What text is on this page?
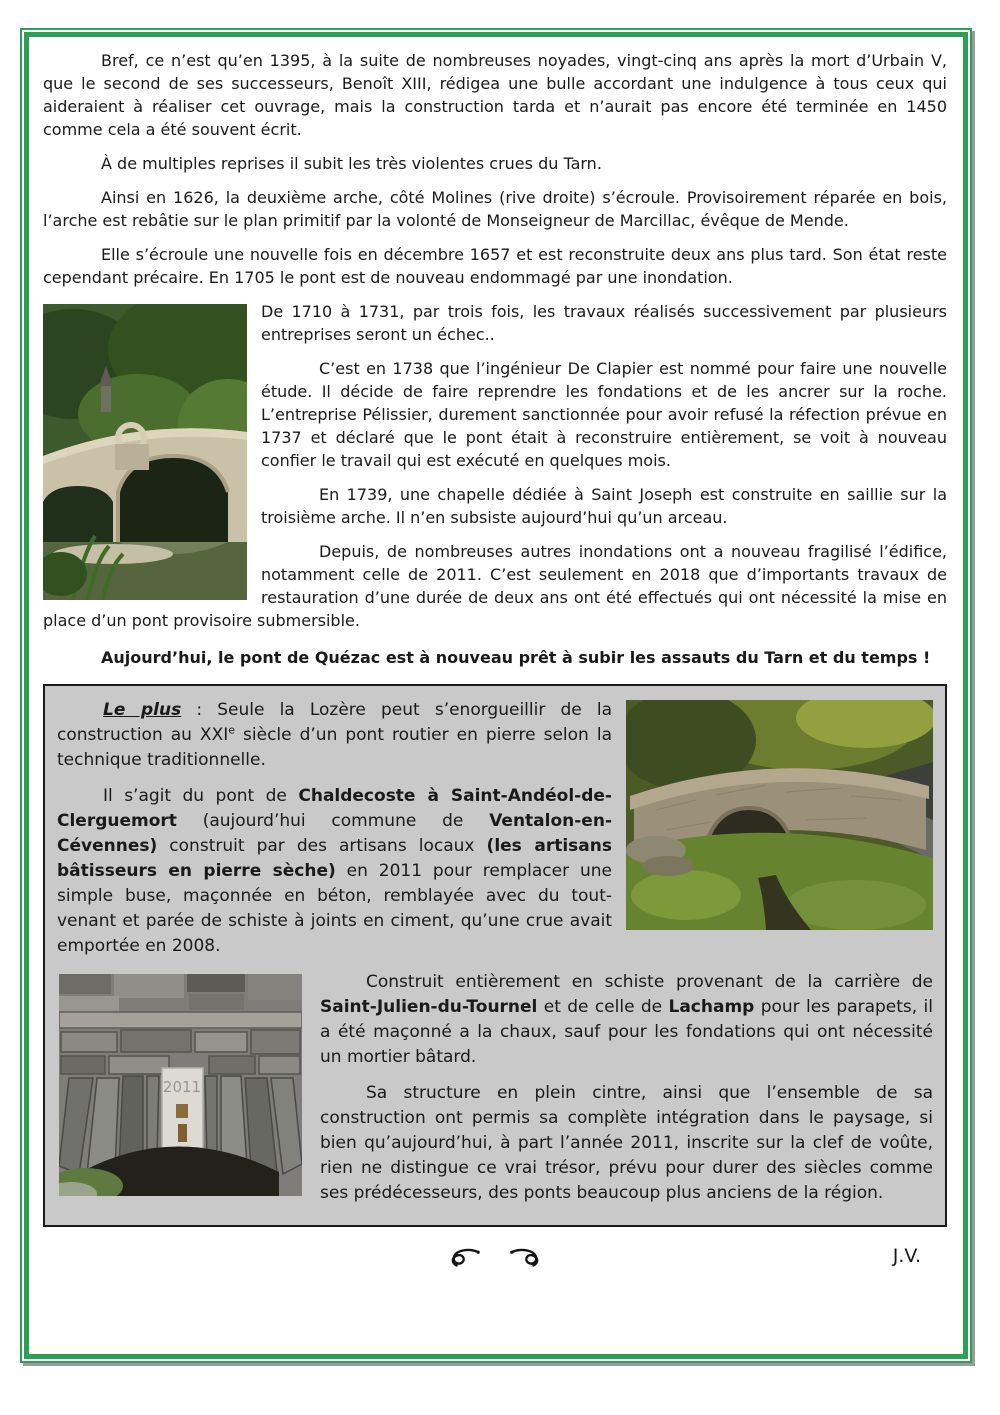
Bref, ce n’est qu’en 1395, à la suite de nombreuses noyades, vingt-cinq ans après la mort d’Urbain V, que le second de ses successeurs, Benoît XIII, rédigea une bulle accordant une indulgence à tous ceux qui aideraient à réaliser cet ouvrage, mais la construction tarda et n’aurait pas encore été terminée en 1450 comme cela a été souvent écrit.

À de multiples reprises il subit les très violentes crues du Tarn.

Ainsi en 1626, la deuxième arche, côté Molines (rive droite) s’écroule. Provisoirement réparée en bois, l’arche est rebâtie sur le plan primitif par la volonté de Monseigneur de Marcillac, évêque de Mende.

Elle s’écroule une nouvelle fois en décembre 1657 et est reconstruite deux ans plus tard. Son état reste cependant précaire. En 1705 le pont est de nouveau endommagé par une inondation.

De 1710 à 1731, par trois fois, les travaux réalisés successivement par plusieurs entreprises seront un échec..

C’est en 1738 que l’ingénieur De Clapier est nommé pour faire une nouvelle étude. Il décide de faire reprendre les fondations et de les ancrer sur la roche. L’entreprise Pélissier, durement sanctionnée pour avoir refusé la réfection prévue en 1737 et déclaré que le pont était à reconstruire entièrement, se voit à nouveau confier le travail qui est exécuté en quelques mois.

En 1739, une chapelle dédiée à Saint Joseph est construite en saillie sur la troisième arche. Il n’en subsiste aujourd’hui qu’un arceau.

Depuis, de nombreuses autres inondations ont a nouveau fragilisé l’édifice, notamment celle de 2011. C’est seulement en 2018 que d’importants travaux de restauration d’une durée de deux ans ont été effectués qui ont nécessité la mise en place d’un pont provisoire submersible.

Aujourd’hui, le pont de Quézac est à nouveau prêt à subir les assauts du Tarn et du temps !

Le plus : Seule la Lozère peut s’enorgueillir de la construction au XXIe siècle d’un pont routier en pierre selon la technique traditionnelle.

Il s’agit du pont de Chaldecoste à Saint-Andéol-de-Clerguemort (aujourd’hui commune de Ventalon-en-Cévennes) construit par des artisans locaux (les artisans bâtisseurs en pierre sèche) en 2011 pour remplacer une simple buse, maçonnée en béton, remblayée avec du tout-venant et parée de schiste à joints en ciment, qu’une crue avait emportée en 2008.

2011

Construit entièrement en schiste provenant de la carrière de Saint-Julien-du-Tournel et de celle de Lachamp pour les parapets, il a été maçonné a la chaux, sauf pour les fondations qui ont nécessité un mortier bâtard.

Sa structure en plein cintre, ainsi que l’ensemble de sa construction ont permis sa complète intégration dans le paysage, si bien qu’aujourd’hui, à part l’année 2011, inscrite sur la clef de voûte, rien ne distingue ce vrai trésor, prévu pour durer des siècles comme ses prédécesseurs, des ponts beaucoup plus anciens de la région.

J.V.
